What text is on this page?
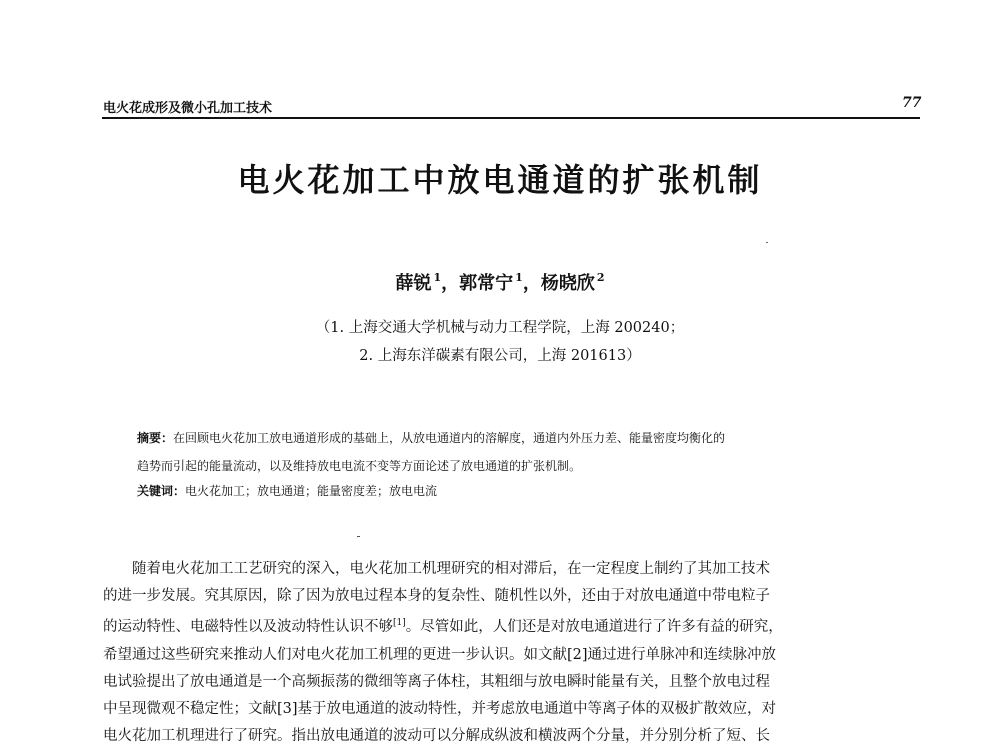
电火花成形及微小孔加工技术	77
电火花加工中放电通道的扩张机制
薛锐 $^1$，郭常宁 $^1$，杨晓欣 $^2$
（1. 上海交通大学机械与动力工程学院，上海 200240；
2. 上海东洋碳素有限公司，上海 201613）
摘要：在回顾电火花加工放电通道形成的基础上，从放电通道内的溶解度，通道内外压力差、能量密度均衡化的
趋势而引起的能量流动，以及维持放电电流不变等方面论述了放电通道的扩张机制。
关键词：电火花加工；放电通道；能量密度差；放电电流
随着电火花加工工艺研究的深入，电火花加工机理研究的相对滞后，在一定程度上制约了其加工技术
的进一步发展。究其原因，除了因为放电过程本身的复杂性、随机性以外，还由于对放电通道中带电粒子
的运动特性、电磁特性以及波动特性认识不够[1]。尽管如此，人们还是对放电通道进行了许多有益的研究，
希望通过这些研究来推动人们对电火花加工机理的更进一步认识。如文献[2]通过进行单脉冲和连续脉冲放
电试验提出了放电通道是一个高频振荡的微细等离子体柱，其粗细与放电瞬时能量有关，且整个放电过程
中呈现微观不稳定性；文献[3]基于放电通道的波动特性，并考虑放电通道中等离子体的双极扩散效应，对
电火花加工机理进行了研究。指出放电通道的波动可以分解成纵波和横波两个分量，并分别分析了短、长
